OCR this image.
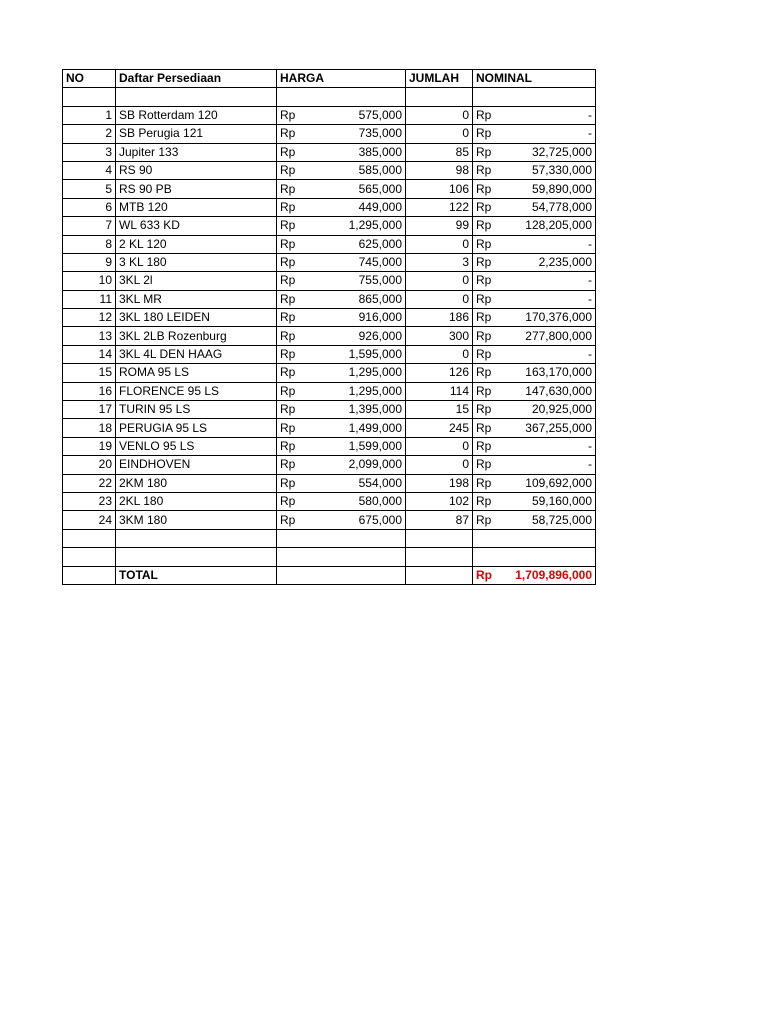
NO	Daftar Persediaan	HARGA	JUMLAH	NOMINAL

1	SB Rotterdam 120	Rp 575,000	0	Rp -

2	SB Perugia 121	Rp 735,000	0	Rp -

3	Jupiter 133	Rp 385,000	85	Rp 32,725,000

4	RS 90	Rp 585,000	98	Rp 57,330,000

5	RS 90 PB	Rp 565,000	106	Rp 59,890,000

6	MTB 120	Rp 449,000	122	Rp 54,778,000

7	WL 633 KD	Rp 1,295,000	99	Rp 128,205,000

8	2 KL 120	Rp 625,000	0	Rp -

9	3 KL 180	Rp 745,000	3	Rp 2,235,000

10	3KL 2l	Rp 755,000	0	Rp -

11	3KL MR	Rp 865,000	0	Rp -

12	3KL 180 LEIDEN	Rp 916,000	186	Rp 170,376,000

13	3KL 2LB Rozenburg	Rp 926,000	300	Rp 277,800,000

14	3KL 4L DEN HAAG	Rp 1,595,000	0	Rp -

15	ROMA 95 LS	Rp 1,295,000	126	Rp 163,170,000

16	FLORENCE 95 LS	Rp 1,295,000	114	Rp 147,630,000

17	TURIN 95 LS	Rp 1,395,000	15	Rp 20,925,000

18	PERUGIA 95 LS	Rp 1,499,000	245	Rp 367,255,000

19	VENLO 95 LS	Rp 1,599,000	0	Rp -

20	EINDHOVEN	Rp 2,099,000	0	Rp -

22	2KM 180	Rp 554,000	198	Rp 109,692,000

23	2KL 180	Rp 580,000	102	Rp 59,160,000

24	3KM 180	Rp 675,000	87	Rp 58,725,000

	TOTAL			Rp 1,709,896,000
